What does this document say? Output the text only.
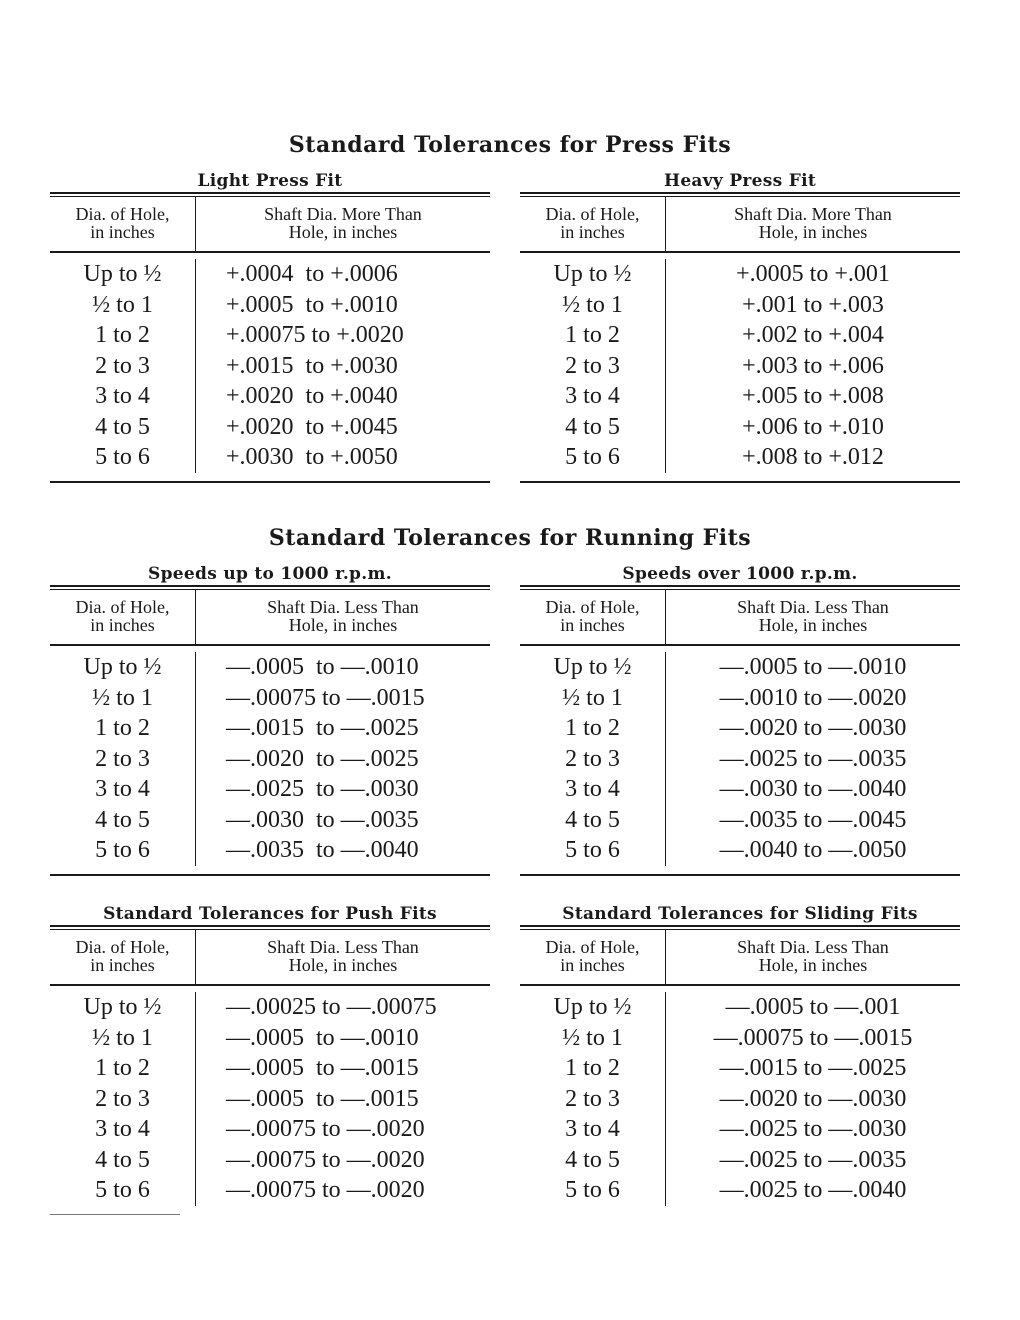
Standard Tolerances for Press Fits
Light Press Fit
Dia. of Hole,
in inches
Shaft Dia. More Than
Hole, in inches
Up to ½
½ to 1
1 to 2
2 to 3
3 to 4
4 to 5
5 to 6
+.0004  to +.0006
+.0005  to +.0010
+.00075 to +.0020
+.0015  to +.0030
+.0020  to +.0040
+.0020  to +.0045
+.0030  to +.0050
Heavy Press Fit
Dia. of Hole,
in inches
Shaft Dia. More Than
Hole, in inches
Up to ½
½ to 1
1 to 2
2 to 3
3 to 4
4 to 5
5 to 6
+.0005 to +.001
+.001 to +.003
+.002 to +.004
+.003 to +.006
+.005 to +.008
+.006 to +.010
+.008 to +.012
Standard Tolerances for Running Fits
Speeds up to 1000 r.p.m.
Dia. of Hole,
in inches
Shaft Dia. Less Than
Hole, in inches
Up to ½
½ to 1
1 to 2
2 to 3
3 to 4
4 to 5
5 to 6
—.0005  to —.0010
—.00075 to —.0015
—.0015  to —.0025
—.0020  to —.0025
—.0025  to —.0030
—.0030  to —.0035
—.0035  to —.0040
Speeds over 1000 r.p.m.
Dia. of Hole,
in inches
Shaft Dia. Less Than
Hole, in inches
Up to ½
½ to 1
1 to 2
2 to 3
3 to 4
4 to 5
5 to 6
—.0005 to —.0010
—.0010 to —.0020
—.0020 to —.0030
—.0025 to —.0035
—.0030 to —.0040
—.0035 to —.0045
—.0040 to —.0050
Standard Tolerances for Push Fits
Dia. of Hole,
in inches
Shaft Dia. Less Than
Hole, in inches
Up to ½
½ to 1
1 to 2
2 to 3
3 to 4
4 to 5
5 to 6
—.00025 to —.00075
—.0005  to —.0010
—.0005  to —.0015
—.0005  to —.0015
—.00075 to —.0020
—.00075 to —.0020
—.00075 to —.0020
Standard Tolerances for Sliding Fits
Dia. of Hole,
in inches
Shaft Dia. Less Than
Hole, in inches
Up to ½
½ to 1
1 to 2
2 to 3
3 to 4
4 to 5
5 to 6
—.0005 to —.001
—.00075 to —.0015
—.0015 to —.0025
—.0020 to —.0030
—.0025 to —.0030
—.0025 to —.0035
—.0025 to —.0040
